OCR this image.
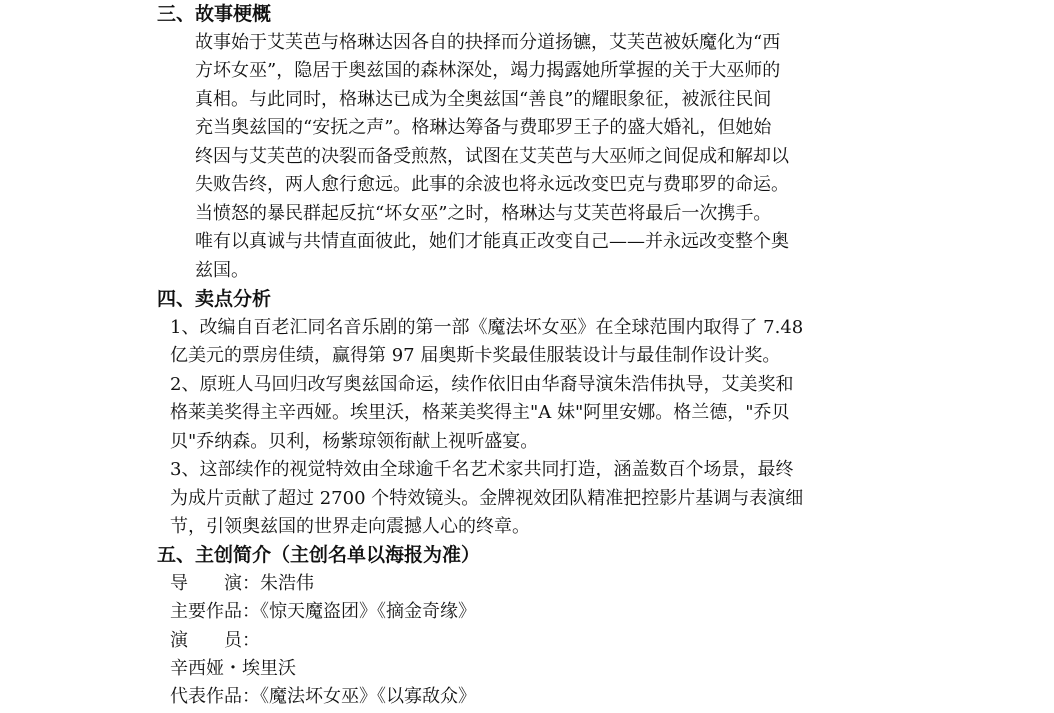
三、故事梗概

故事始于艾芙芭与格琳达因各自的抉择而分道扬镳，艾芙芭被妖魔化为“西

方坏女巫”，隐居于奥兹国的森林深处，竭力揭露她所掌握的关于大巫师的

真相。与此同时，格琳达已成为全奥兹国“善良”的耀眼象征，被派往民间

充当奥兹国的“安抚之声”。格琳达筹备与费耶罗王子的盛大婚礼，但她始

终因与艾芙芭的决裂而备受煎熬，试图在艾芙芭与大巫师之间促成和解却以

失败告终，两人愈行愈远。此事的余波也将永远改变巴克与费耶罗的命运。

当愤怒的暴民群起反抗“坏女巫”之时，格琳达与艾芙芭将最后一次携手。

唯有以真诚与共情直面彼此，她们才能真正改变自己——并永远改变整个奥

兹国。

四、卖点分析

1、改编自百老汇同名音乐剧的第一部《魔法坏女巫》在全球范围内取得了 7.48

亿美元的票房佳绩，赢得第 97 届奥斯卡奖最佳服装设计与最佳制作设计奖。

2、原班人马回归改写奥兹国命运，续作依旧由华裔导演朱浩伟执导，艾美奖和

格莱美奖得主辛西娅。埃里沃，格莱美奖得主"A 妹"阿里安娜。格兰德，"乔贝

贝"乔纳森。贝利，杨紫琼领衔献上视听盛宴。

3、这部续作的视觉特效由全球逾千名艺术家共同打造，涵盖数百个场景，最终

为成片贡献了超过 2700 个特效镜头。金牌视效团队精准把控影片基调与表演细

节，引领奥兹国的世界走向震撼人心的终章。

五、主创简介（主创名单以海报为准）

导　　演：朱浩伟

主要作品：《惊天魔盗团》《摘金奇缘》

演　　员：

辛西娅・埃里沃

代表作品：《魔法坏女巫》《以寡敌众》
